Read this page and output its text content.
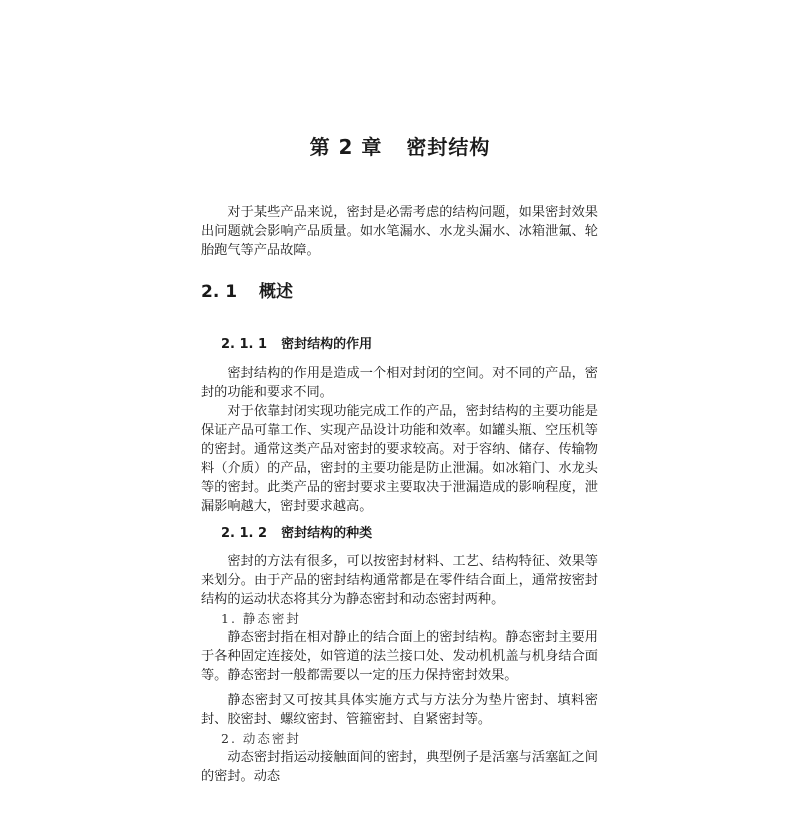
第 2 章 密封结构

对于某些产品来说，密封是必需考虑的结构问题，如果密封效果出问题就会影响产品质量。如水笔漏水、水龙头漏水、冰箱泄氟、轮胎跑气等产品故障。

2. 1 概述
2. 1. 1 密封结构的作用

密封结构的作用是造成一个相对封闭的空间。对不同的产品，密封的功能和要求不同。

对于依靠封闭实现功能完成工作的产品，密封结构的主要功能是保证产品可靠工作、实现产品设计功能和效率。如罐头瓶、空压机等的密封。通常这类产品对密封的要求较高。对于容纳、储存、传输物料（介质）的产品，密封的主要功能是防止泄漏。如冰箱门、水龙头等的密封。此类产品的密封要求主要取决于泄漏造成的影响程度，泄漏影响越大，密封要求越高。

2. 1. 2 密封结构的种类

密封的方法有很多，可以按密封材料、工艺、结构特征、效果等来划分。由于产品的密封结构通常都是在零件结合面上，通常按密封结构的运动状态将其分为静态密封和动态密封两种。

1. 静态密封

静态密封指在相对静止的结合面上的密封结构。静态密封主要用于各种固定连接处，如管道的法兰接口处、发动机机盖与机身结合面等。静态密封一般都需要以一定的压力保持密封效果。

静态密封又可按其具体实施方式与方法分为垫片密封、填料密封、胶密封、螺纹密封、管箍密封、自紧密封等。

2. 动态密封

动态密封指运动接触面间的密封，典型例子是活塞与活塞缸之间的密封。动态
